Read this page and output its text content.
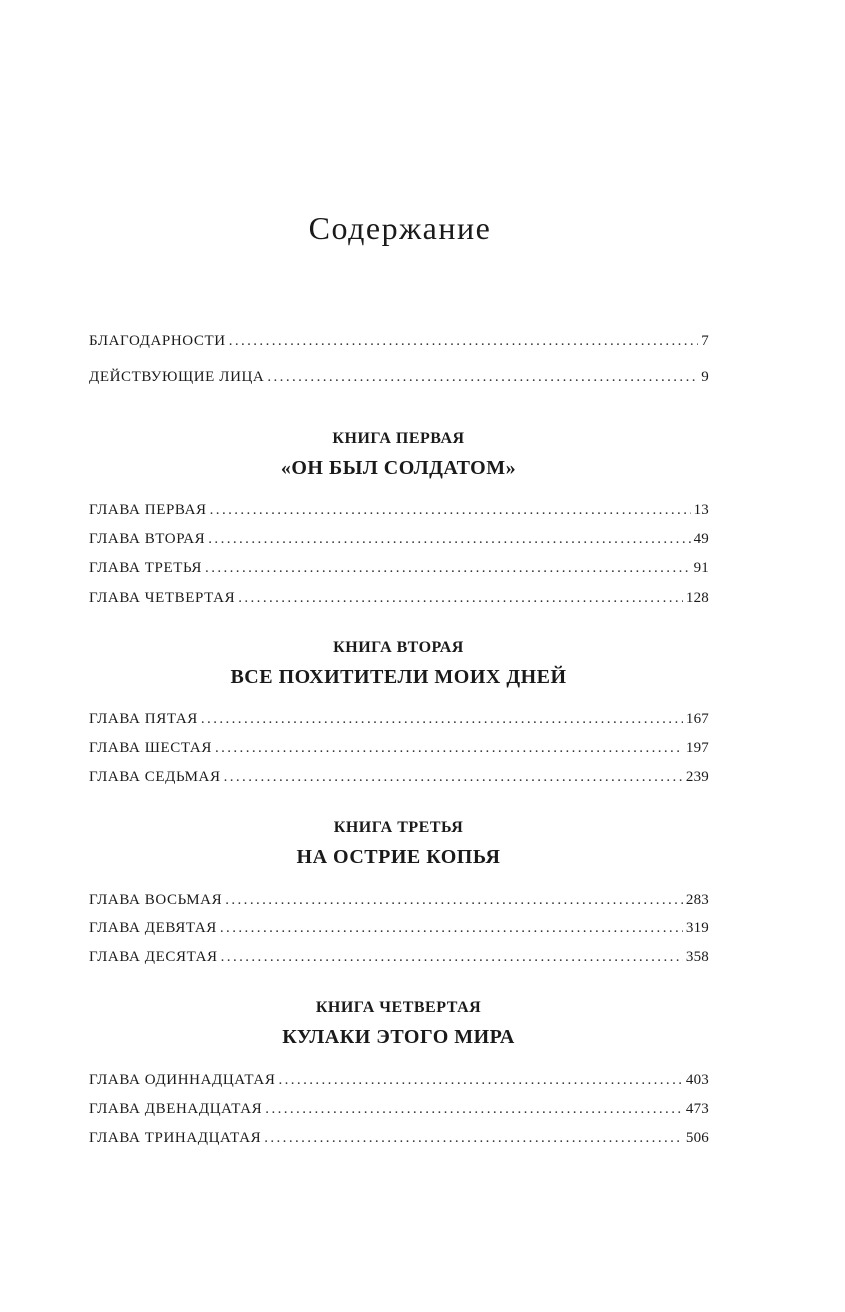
Содержание
БЛАГОДАРНОСТИ .....	7
ДЕЙСТВУЮЩИЕ ЛИЦА .....	9
КНИГА ПЕРВАЯ
«ОН БЫЛ СОЛДАТОМ»
ГЛАВА ПЕРВАЯ .....	13
ГЛАВА ВТОРАЯ .....	49
ГЛАВА ТРЕТЬЯ .....	91
ГЛАВА ЧЕТВЕРТАЯ .....	128
КНИГА ВТОРАЯ
ВСЕ ПОХИТИТЕЛИ МОИХ ДНЕЙ
ГЛАВА ПЯТАЯ .....	167
ГЛАВА ШЕСТАЯ .....	197
ГЛАВА СЕДЬМАЯ .....	239
КНИГА ТРЕТЬЯ
НА ОСТРИЕ КОПЬЯ
ГЛАВА ВОСЬМАЯ .....	283
ГЛАВА ДЕВЯТАЯ .....	319
ГЛАВА ДЕСЯТАЯ .....	358
КНИГА ЧЕТВЕРТАЯ
КУЛАКИ ЭТОГО МИРА
ГЛАВА ОДИННАДЦАТАЯ .....	403
ГЛАВА ДВЕНАДЦАТАЯ .....	473
ГЛАВА ТРИНАДЦАТАЯ .....	506
